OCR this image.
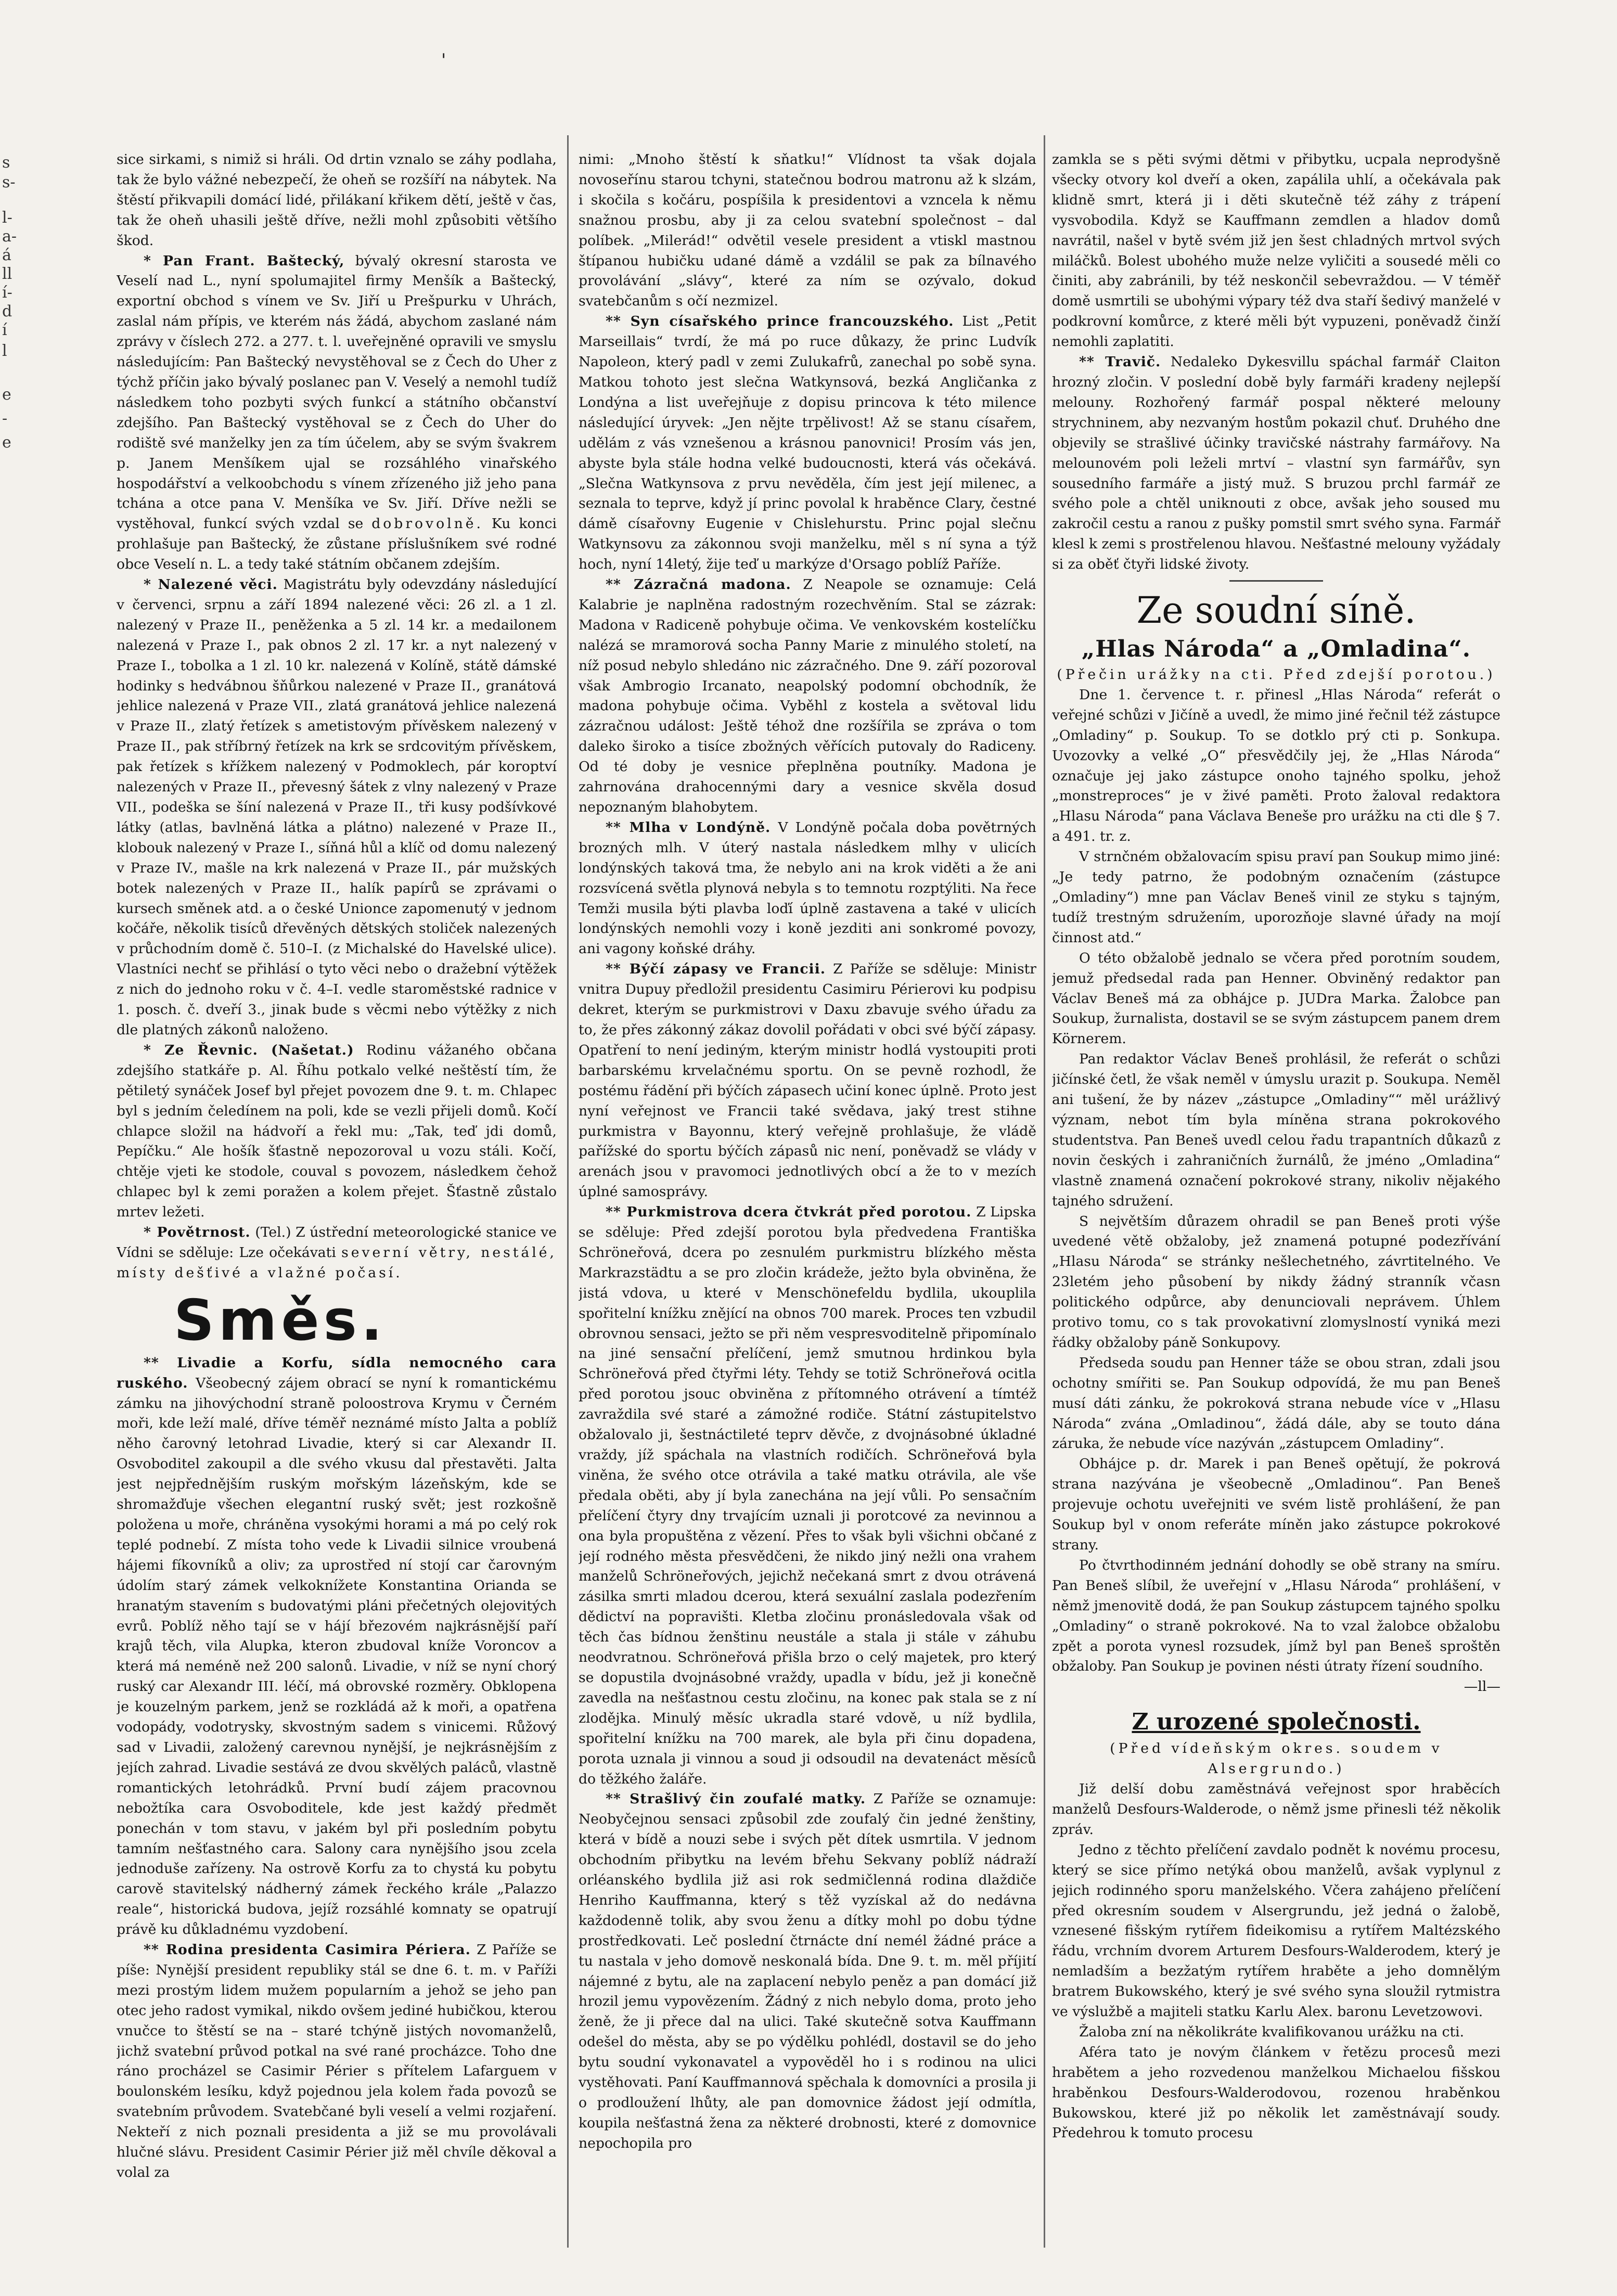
'
s
s-
l-
a-
á
ll
í-
d
í
l
e
-
e

sice sirkami, s nimiž si hráli. Od drtin vznalo se záhy podlaha, tak že bylo vážné nebezpečí, že oheň se rozšíří na nábytek. Na štěstí přikvapili domácí lidé, přilákaní křikem dětí, ještě v čas, tak že oheň uhasili ještě dříve, nežli mohl způsobiti většího škod.

* Pan Frant. Baštecký, bývalý okresní starosta ve Veselí nad L., nyní spolumajitel firmy Menšík a Baštecký, exportní obchod s vínem ve Sv. Jiří u Prešpurku v Uhrách, zaslal nám přípis, ve kterém nás žádá, abychom zaslané nám zprávy v číslech 272. a 277. t. l. uveřejněné opravili ve smyslu následujícím: Pan Baštecký nevystěhoval se z Čech do Uher z týchž příčin jako bývalý poslanec pan V. Veselý a nemohl tudíž následkem toho pozbyti svých funkcí a státního občanství zdejšího. Pan Baštecký vystěhoval se z Čech do Uher do rodiště své manželky jen za tím účelem, aby se svým švakrem p. Janem Menšíkem ujal se rozsáhlého vinařského hospodářství a velkoobchodu s vínem zřízeného již jeho pana tchána a otce pana V. Menšíka ve Sv. Jiří. Dříve nežli se vystěhoval, funkcí svých vzdal se dobrovolně. Ku konci prohlašuje pan Baštecký, že zůstane příslušníkem své rodné obce Veselí n. L. a tedy také státním občanem zdejším.

* Nalezené věci. Magistrátu byly odevzdány následující v červenci, srpnu a září 1894 nalezené věci: 26 zl. a 1 zl. nalezený v Praze II., peněženka a 5 zl. 14 kr. a medailonem nalezená v Praze I., pak obnos 2 zl. 17 kr. a nyt nalezený v Praze I., tobolka a 1 zl. 10 kr. nalezená v Kolíně, státě dámské hodinky s hedvábnou šňůrkou nalezené v Praze II., granátová jehlice nalezená v Praze VII., zlatá granátová jehlice nalezená v Praze II., zlatý řetízek s ametistovým přívěskem nalezený v Praze II., pak stříbrný řetízek na krk se srdcovitým přívěskem, pak řetízek s křížkem nalezený v Podmoklech, pár koroptví nalezených v Praze II., převesný šátek z vlny nalezený v Praze VII., podeška se šíní nalezená v Praze II., tři kusy podšívkové látky (atlas, bavlněná látka a plátno) nalezené v Praze II., klobouk nalezený v Praze I., síňná hůl a klíč od domu nalezený v Praze IV., mašle na krk nalezená v Praze II., pár mužských botek nalezených v Praze II., halík papírů se zprávami o kursech směnek atd. a o české Unioncе zapomenutý v jednom kočáře, několik tisíců dřevěných dětských stoliček nalezených v průchodním domě č. 510–I. (z Michalské do Havelské ulice). Vlastníci nechť se přihlásí o tyto věci nebo o dražební výtěžek z nich do jednoho roku v č. 4–I. vedle staroměstské radnice v 1. posch. č. dveří 3., jinak bude s věcmi nebo výtěžky z nich dle platných zákonů naloženo.

* Ze Řevnic. (Našetat.) Rodinu vážaného občana zdejšího statkáře p. Al. Říhu potkalo velké neštěstí tím, že pětiletý synáček Josef byl přejet povozem dne 9. t. m. Chlapec byl s jedním čeledínem na poli, kde se vezli přijeli domů. Kočí chlapce složil na hádvoří a řekl mu: „Tak, teď jdi domů, Pepíčku.“ Ale hošík šťastně nepozoroval u vozu stáli. Kočí, chtěje vjeti ke stodole, couval s povozem, následkem čehož chlapec byl k zemi poražen a kolem přejet. Šťastně zůstalo mrtev ležeti.

* Povětrnost. (Tel.) Z ústřední meteorologické stanice ve Vídni se sděluje: Lze očekávati severní větry, nestálé, místy dešťivé a vlažné počasí.

Směs.

** Livadie a Korfu, sídla nemocného cara ruského. Všeobecný zájem obrací se nyní k romantickému zámku na jihovýchodní straně poloostrova Krymu v Černém moři, kde leží malé, dříve téměř neznámé místo Jalta a poblíž něho čarovný letohrad Livadie, který si car Alexandr II. Osvoboditel zakoupil a dle svého vkusu dal přestavěti. Jalta jest nejpřednějším ruským mořským lázeňským, kde se shromažďuje všechen elegantní ruský svět; jest rozkošně položena u moře, chráněna vysokými horami a má po celý rok teplé podnebí. Z místa toho vede k Livadii silnice vroubená hájemi fíkovníků a oliv; za uprostřed ní stojí car čarovným údolím starý zámek velkoknížete Konstantina Orianda se hranatým stavením s budovatými pláni přečetných olejovitých evrů. Poblíž něho tají se v hájí březovém najkrásnější paří krajů těch, vila Alupka, kteron zbudoval kníže Voroncov a která má neméně než 200 salonů. Livadie, v níž se nyní chorý ruský car Alexandr III. léčí, má obrovské rozměry. Obklopena je kouzelným parkem, jenž se rozkládá až k moři, a opatřena vodopády, vodotrysky, skvostným sadem s vinicemi. Růžový sad v Livadii, založený carevnou nynější, je nejkrásnějším z jejích zahrad. Livadie sestává ze dvou skvělých paláců, vlastně romantických letohrádků. První budí zájem pracovnou nebožtíka cara Osvoboditele, kde jest každý předmět ponechán v tom stavu, v jakém byl při posledním pobytu tamním nešťastného cara. Salony cara nynějšího jsou zcela jednoduše zařízeny. Na ostrově Korfu za to chystá ku pobytu carově stavitelský nádherný zámek řeckého krále „Palazzo reale“, historická budova, jejíž rozsáhlé komnaty se opatrují právě ku důkladnému vyzdobení.

** Rodina presidenta Casimira Périera. Z Paříže se píše: Nynější president republiky stál se dne 6. t. m. v Paříži mezi prostým lidem mužem popularním a jehož se jeho pan otec jeho radost vymikal, nikdo ovšem jediné hubičkou, kterou vnučce to štěstí se na – staré tchýně jistých novomanželů, jichž svatební průvod potkal na své rané procházce. Toho dne ráno procházel se Casimir Périer s přítelem Lafarguem v boulonském lesíku, když pojednou jela kolem řada povozů se svatebním průvodem. Svatebčané byli veselí a velmi rozjaření. Nekteří z nich poznali presidenta a již se mu provolávali hlučné slávu. President Casimir Périer již měl chvíle děkoval a volal za

nimi: „Mnoho štěstí k sňatku!“ Vlídnost ta však dojala novoseřínu starou tchyni, statečnou bodrou matronu až k slzám, i skočila s kočáru, pospíšila k presidentovi a vzncela k němu snažnou prosbu, aby ji za celou svatební společnost – dal políbek. „Milerád!“ odvětil vesele president a vtiskl mastnou štípanou hubičku udané dámě a vzdálil se pak za bílnavého provolávání „slávy“, které za ním se ozývalo, dokud svatebčanům s očí nezmizel.

** Syn císařského prince francouzského. List „Petit Marseillais“ tvrdí, že má po ruce důkazy, že princ Ludvík Napoleon, který padl v zemi Zulukafrů, zanechal po sobě syna. Matkou tohoto jest slečna Watkynsová, bezká Angličanka z Londýna a list uveřejňuje z dopisu princova k této milence následující úryvek: „Jen nějte trpělivost! Až se stanu císařem, udělám z vás vznešenou a krásnou panovnici! Prosím vás jen, abyste byla stále hodna velké budoucnosti, která vás očekává. „Slečna Watkynsova z prvu nevěděla, čím jest její milenec, a seznala to teprve, když jí princ povolal k hraběnce Clary, čestné dámě císařovny Eugenie v Chislehurstu. Princ pojal slečnu Watkynsovu za zákonnou svoji manželku, měl s ní syna a týž hoch, nyní 14letý, žije teď u markýze d'Orsago poblíž Paříže.

** Zázračná madona. Z Neapole se oznamuje: Celá Kalabrie je naplněna radostným rozechvěním. Stal se zázrak: Madona v Radiceně pohybuje očima. Ve venkovském kostelíčku nalézá se mramorová socha Panny Marie z minulého století, na níž posud nebylo shledáno nic zázračného. Dne 9. září pozoroval však Ambrogio Ircanato, neapolský podomní obchodník, že madona pohybuje očima. Vyběhl z kostela a světoval lidu zázračnou událost: Ještě téhož dne rozšířila se zpráva o tom daleko široko a tisíce zbožných věřících putovaly do Radiceny. Od té doby je vesnice přeplněna poutníky. Madona je zahrnována drahocennými dary a vesnice skvěla dosud nepoznaným blahobytem.

** Mlha v Londýně. V Londýně počala doba povětrných brozných mlh. V úterý nastala následkem mlhy v ulicích londýnských taková tma, že nebylo ani na krok viděti a že ani rozsvícená světla plynová nebyla s to temnotu rozptýliti. Na řece Temži musila býti plavba loďí úplně zastavena a také v ulicích londýnských nemohli vozy i koně jezditi ani sonkromé povozy, ani vagony koňské dráhy.

** Býčí zápasy ve Francii. Z Paříže se sděluje: Ministr vnitra Dupuy předložil presidentu Casimiru Périerovi ku podpisu dekret, kterým se purkmistrovi v Daxu zbavuje svého úřadu za to, že přes zákonný zákaz dovolil pořádati v obci své býčí zápasy. Opatření to není jediným, kterým ministr hodlá vystoupiti proti barbarskému krvelačnému sportu. On se pevně rozhodl, že postému řádění při býčích zápasech učiní konec úplně. Proto jest nyní veřejnost ve Francii také svědava, jaký trest stihne purkmistra v Bayonnu, který veřejně prohlašuje, že vládě pařížské do sportu býčích zápasů nic není, poněvadž se vlády v arenách jsou v pravomoci jednotlivých obcí a že to v mezích úplné samosprávy.

** Purkmistrova dcera čtvkrát před porotou. Z Lipska se sděluje: Před zdejší porotou byla předvedena Františka Schröneřová, dcera po zesnulém purkmistru blízkého města Markrazstädtu a se pro zločin krádeže, ježto byla obviněna, že jistá vdova, u které v Menschönefeldu bydlila, ukouplila spořitelní knížku znějící na obnos 700 marek. Proces ten vzbudil obrovnou sensaci, ježto se při něm vespresvoditelně připomínalo na jiné sensační přelíčení, jemž smutnou hrdinkou byla Schröneřová před čtyřmi léty. Tehdy se totiž Schröneřová ocitla před porotou jsouc obviněna z přítomného otrávení a tímtéž zavraždila své staré a zámožné rodiče. Státní zástupitelstvo obžalovalo ji, šestnáctileté teprv děvče, z dvojnásobné úkladné vraždy, jíž spáchala na vlastních rodičích. Schröneřová byla viněna, že svého otce otrávila a také matku otrávila, ale vše předala oběti, aby jí byla zanechána na její vůli. Po sensačním přelíčení čtyry dny trvajícím uznali ji porotcové za nevinnou a ona byla propuštěna z vězení. Přes to však byli všichni občané z její rodného města přesvědčeni, že nikdo jiný nežli ona vrahem manželů Schröneřových, jejichž nečekaná smrt z dvou otrávená zásilka smrti mladou dcerou, která sexuální zaslala podezřením dědictví na popravišti. Kletba zločinu pronásledovala však od těch čas bídnou ženštinu neustále a stala ji stále v záhubu neodvratnou. Schröneřová přišla brzo o celý majetek, pro který se dopustila dvojnásobné vraždy, upadla v bídu, jež ji konečně zavedla na nešťastnou cestu zločinu, na konec pak stala se z ní zlodějka. Minulý měsíc ukradla staré vdově, u níž bydlila, spořitelní knížku na 700 marek, ale byla při činu dopadena, porota uznala ji vinnou a soud ji odsoudil na devatenáct měsíců do těžkého žaláře.

** Strašlivý čin zoufalé matky. Z Paříže se oznamuje: Neobyčejnou sensaci způsobil zde zoufalý čin jedné ženštiny, která v bídě a nouzi sebe i svých pět dítek usmrtila. V jednom obchodním přibytku na levém břehu Sekvany poblíž nádraží orléanského bydlila již asi rok sedmičlenná rodina dlaždiče Henriho Kauffmanna, který s těž vyzískal až do nedávna každodenně tolik, aby svou ženu a dítky mohl po dobu týdne prostředkovati. Leč poslední čtrnácte dní nemél žádné práce a tu nastala v jeho domově neskonalá bída. Dne 9. t. m. měl příjití nájemné z bytu, ale na zaplacení nebylo peněz a pan domácí již hrozil jemu vypovězením. Žádný z nich nebylo doma, proto jeho ženě, že ji přece dal na ulici. Také skutečně sotva Kauffmann odešel do města, aby se po výdělku pohlédl, dostavil se do jeho bytu soudní vykonavatel a vypověděl ho i s rodinou na ulici vystěhovati. Paní Kauffmannová spěchala k domovníci a prosila ji o prodloužení lhůty, ale pan domovnice žádost její odmítla, koupila nešťastná žena za některé drobnosti, které z domovnice nepochopila pro

zamkla se s pěti svými dětmi v přibytku, ucpala neprodyšně všecky otvory kol dveří a oken, zapálila uhlí, a očekávala pak klidně smrt, která ji i děti skutečně též záhy z trápení vysvobodila. Když se Kauffmann zemdlen a hladov domů navrátil, našel v bytě svém již jen šest chladných mrtvol svých miláčků. Bolest ubohého muže nelze vyličiti a sousedé měli co činiti, aby zabránili, by též neskončil sebevraždou. — V téměř domě usmrtili se ubohými výpary též dva staří šedivý manželé v podkrovní komůrce, z které měli být vypuzeni, poněvadž činží nemohli zaplatiti.

** Travič. Nedaleko Dykesvillu spáchal farmář Claiton hrozný zločin. V poslední době byly farmáři kradeny nejlepší melouny. Rozhořený farmář pospal některé melouny strychninem, aby nezvaným hostům pokazil chuť. Druhého dne objevily se strašlivé účinky travičské nástrahy farmářovy. Na melounovém poli leželi mrtví – vlastní syn farmářův, syn sousedního farmáře a jistý muž. S bruzou prchl farmář ze svého pole a chtěl uniknouti z obce, avšak jeho soused mu zakročil cestu a ranou z pušky pomstil smrt svého syna. Farmář klesl k zemi s prostřelenou hlavou. Nešťastné melouny vyžádaly si za oběť čtyři lidské životy.

Ze soudní síně.
„Hlas Národa“ a „Omladina“.

(Přečin urážky na cti. Před zdejší porotou.)

Dne 1. července t. r. přinesl „Hlas Národa“ referát o veřejné schůzi v Jičíně a uvedl, že mimo jiné řečnil též zástupce „Omladiny“ p. Soukup. To se dotklo prý cti p. Sonkupa. Uvozovky a velké „O“ přesvědčily jej, že „Hlas Národa“ označuje jej jako zástupce onoho tajného spolku, jehož „monstreproces“ je v živé paměti. Proto žaloval redaktora „Hlasu Národa“ pana Václava Beneše pro urážku na cti dle § 7. a 491. tr. z.

V strnčném obžalovacím spisu praví pan Soukup mimo jiné: „Je tedy patrno, že podobným označením (zástupce „Omladiny“) mne pan Václav Beneš vinil ze styku s tajným, tudíž trestným sdružením, uporozňoje slavné úřady na mojí činnost atd.“

O této obžalobě jednalo se včera před porotním soudem, jemuž předsedal rada pan Henner. Obviněný redaktor pan Václav Beneš má za obhájce p. JUDra Marka. Žalobce pan Soukup, žurnalista, dostavil se se svým zástupcem panem drem Körnerem.

Pan redaktor Václav Beneš prohlásil, že referát o schůzi jičínské četl, že však neměl v úmyslu urazit p. Soukupa. Neměl ani tušení, že by název „zástupce „Omladiny““ měl urážlivý význam, nebot tím byla míněna strana pokrokového studentstva. Pan Beneš uvedl celou řadu trapantních důkazů z novin českých i zahraničních žurnálů, že jméno „Omladina“ vlastně znamená označení pokrokové strany, nikoliv nějakého tajného sdružení.

S největším důrazem ohradil se pan Beneš proti výše uvedené větě obžaloby, jež znamená potupné podezřívání „Hlasu Národa“ se stránky nešlechetného, závrtitelného. Ve 23letém jeho působení by nikdy žádný stranník včasn politického odpůrce, aby denunciovali neprávem. Úhlem protivo tomu, co s tak provokativní zlomyslností vyniká mezi řádky obžaloby páně Sonkupovy.

Předseda soudu pan Henner táže se obou stran, zdali jsou ochotny smířiti se. Pan Soukup odpovídá, že mu pan Beneš musí dáti zánku, že pokroková strana nebude více v „Hlasu Národa“ zvána „Omladinou“, žádá dále, aby se touto dána záruka, že nebude více nazýván „zástupcem Omladiny“.

Obhájce p. dr. Marek i pan Beneš opětují, že pokrová strana nazývána je všeobecně „Omladinou“. Pan Beneš projevuje ochotu uveřejniti ve svém listě prohlášení, že pan Soukup byl v onom referáte míněn jako zástupce pokrokové strany.

Po čtvrthodinném jednání dohodly se obě strany na smíru. Pan Beneš slíbil, že uveřejní v „Hlasu Národa“ prohlášení, v němž jmenovitě dodá, že pan Soukup zástupcem tajného spolku „Omladiny“ o straně pokrokové. Na to vzal žalobce obžalobu zpět a porota vynesl rozsudek, jímž byl pan Beneš sproštěn obžaloby. Pan Soukup je povinen nésti útraty řízení soudního.

—ll—

Z urozené společnosti.

(Před vídeňským okres. soudem v Alsergrundo.)

Již delší dobu zaměstnává veřejnost spor hraběcích manželů Desfours-Walderode, o němž jsme přinesli též několik zpráv.

Jedno z těchto přelíčení zavdalo podnět k novému procesu, který se sice přímo netýká obou manželů, avšak vyplynul z jejich rodinného sporu manželského. Včera zahájeno přelíčení před okresním soudem v Alsergrundu, jež jedná o žalobě, vznesené fišským rytířem fideikomisu a rytířem Maltézského řádu, vrchním dvorem Arturem Desfours-Walderodem, který je nemladším a bezžatým rytířem hraběte a jeho domnělým bratrem Bukowského, který je své svého syna sloužil rytmistra ve výslužbě a majiteli statku Karlu Alex. baronu Levetzowovi.

Žaloba zní na několikráte kvalifikovanou urážku na cti.

Aféra tato je novým článkem v řetězu procesů mezi hrabětem a jeho rozvedenou manželkou Michaelou fišskou hraběnkou Desfours-Walderodovou, rozenou hraběnkou Bukowskou, které již po několik let zaměstnávají soudy. Předehrou k tomuto procesu
